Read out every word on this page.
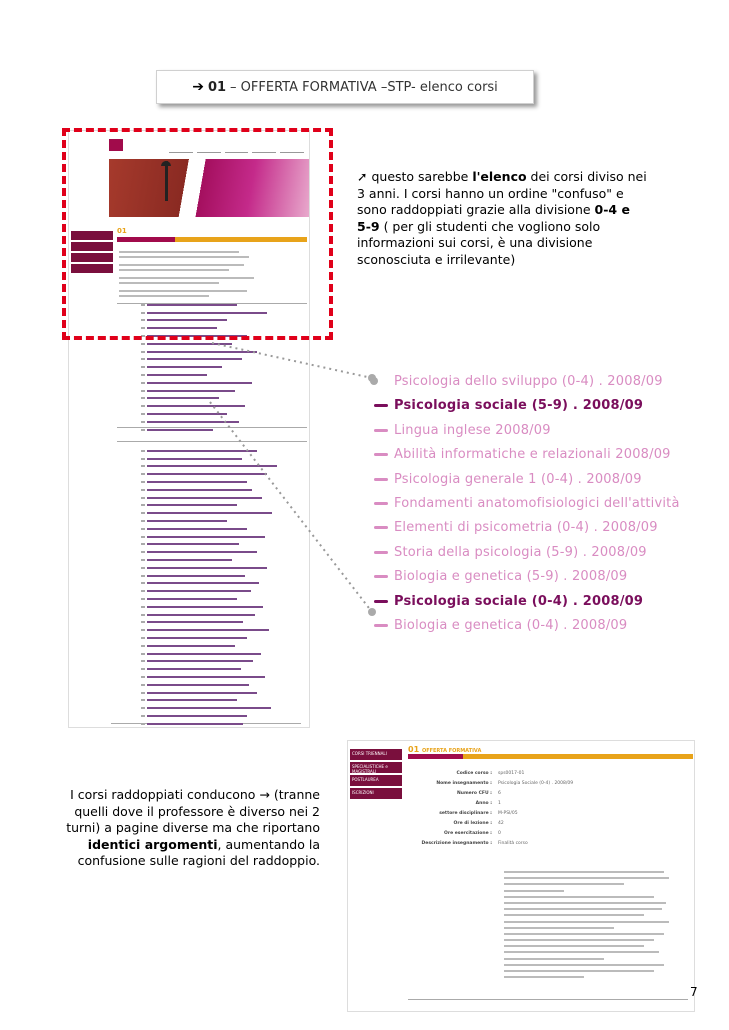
➔ 01 – OFFERTA FORMATIVA –STP- elenco corsi
01
➚ questo sarebbe l'elenco dei corsi diviso nei 3 anni. I corsi hanno un ordine "confuso" e sono raddoppiati grazie alla divisione 0-4 e 5-9 ( per gli studenti che vogliono solo informazioni sui corsi, è una divisione sconosciuta e irrilevante)
Psicologia dello sviluppo (0-4) . 2008/09
Psicologia sociale (5-9) . 2008/09
Lingua inglese 2008/09
Abilità informatiche e relazionali 2008/09
Psicologia generale 1 (0-4) . 2008/09
Fondamenti anatomofisiologici dell'attività
Elementi di psicometria (0-4) . 2008/09
Storia della psicologia (5-9) . 2008/09
Biologia e genetica (5-9) . 2008/09
Psicologia sociale (0-4) . 2008/09
Biologia e genetica (0-4) . 2008/09
CORSI TRIENNALI
SPECIALISTICHE e MAGISTRALI
POSTLAUREA
ISCRIZIONI
01 OFFERTA FORMATIVA
Codice corso :	sps0017-01
Nome insegnamento :	Psicologia Sociale (0-4) . 2008/09
Numero CFU :	6
Anno :	1
settore disciplinare :	M-PSI/05
Ore di lezione :	42
Ore esercitazione :	0
Descrizione insegnamento :	Finalità corso
I corsi raddoppiati conducono → (tranne quelli dove il professore è diverso nei 2 turni) a pagine diverse ma che riportano identici argomenti, aumentando la confusione sulle ragioni del raddoppio.
7
